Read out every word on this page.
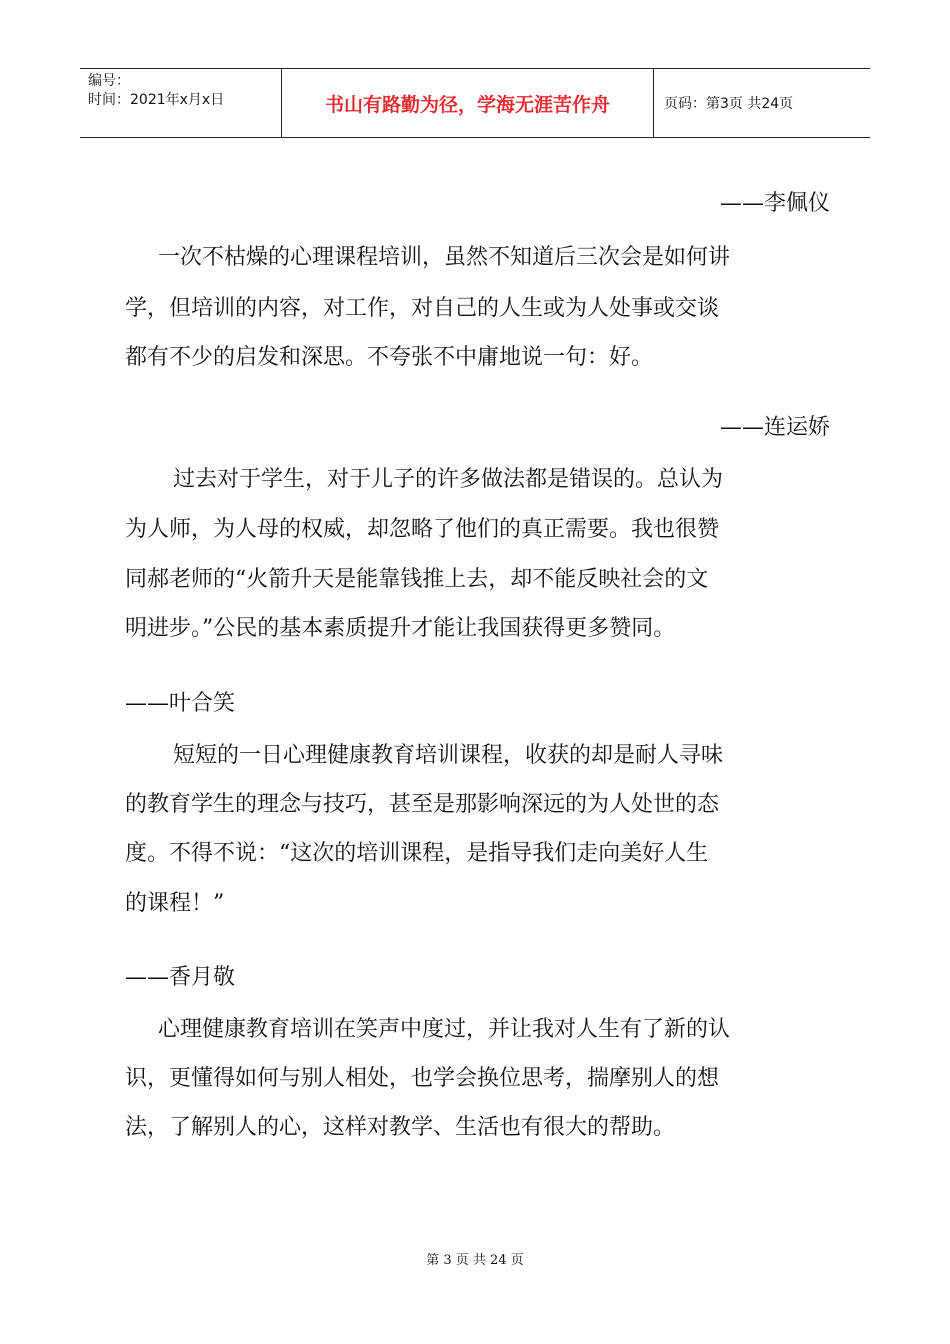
编号：
时间：2021年x月x日	书山有路勤为径，学海无涯苦作舟	页码：第3页 共24页
——李佩仪
一次不枯燥的心理课程培训，虽然不知道后三次会是如何讲
学，但培训的内容，对工作，对自己的人生或为人处事或交谈
都有不少的启发和深思。不夸张不中庸地说一句：好。
——连运娇
过去对于学生，对于儿子的许多做法都是错误的。总认为
为人师，为人母的权威，却忽略了他们的真正需要。我也很赞
同郝老师的“火箭升天是能靠钱推上去，却不能反映社会的文
明进步。”公民的基本素质提升才能让我国获得更多赞同。
——叶合笑
短短的一日心理健康教育培训课程，收获的却是耐人寻味
的教育学生的理念与技巧，甚至是那影响深远的为人处世的态
度。不得不说：“这次的培训课程，是指导我们走向美好人生
的课程！”
——香月敬
心理健康教育培训在笑声中度过，并让我对人生有了新的认
识，更懂得如何与别人相处，也学会换位思考，揣摩别人的想
法，了解别人的心，这样对教学、生活也有很大的帮助。
第 3 页 共 24 页
